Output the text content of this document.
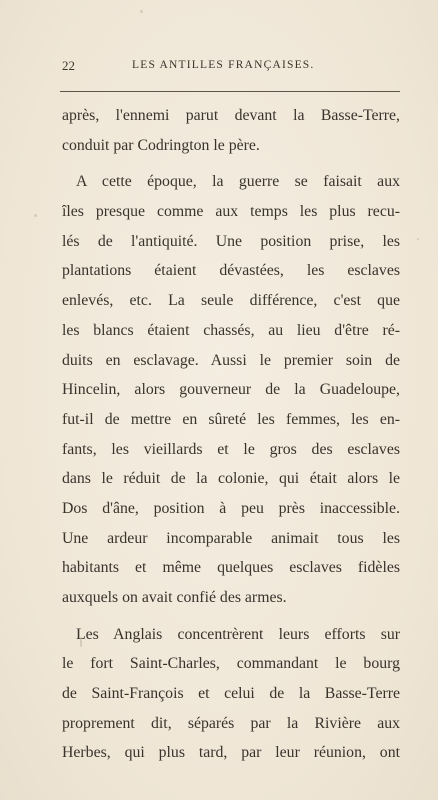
22	LES ANTILLES FRANÇAISES.
après, l'ennemi parut devant la Basse-Terre,
conduit par Codrington le père.
A cette époque, la guerre se faisait aux
îles presque comme aux temps les plus recu-
lés de l'antiquité. Une position prise, les
plantations étaient dévastées, les esclaves
enlevés, etc. La seule différence, c'est que
les blancs étaient chassés, au lieu d'être ré-
duits en esclavage. Aussi le premier soin de
Hincelin, alors gouverneur de la Guadeloupe,
fut-il de mettre en sûreté les femmes, les en-
fants, les vieillards et le gros des esclaves
dans le réduit de la colonie, qui était alors le
Dos d'âne, position à peu près inaccessible.
Une ardeur incomparable animait tous les
habitants et même quelques esclaves fidèles
auxquels on avait confié des armes.
Les Anglais concentrèrent leurs efforts sur
le fort Saint-Charles, commandant le bourg
de Saint-François et celui de la Basse-Terre
proprement dit, séparés par la Rivière aux
Herbes, qui plus tard, par leur réunion, ont
